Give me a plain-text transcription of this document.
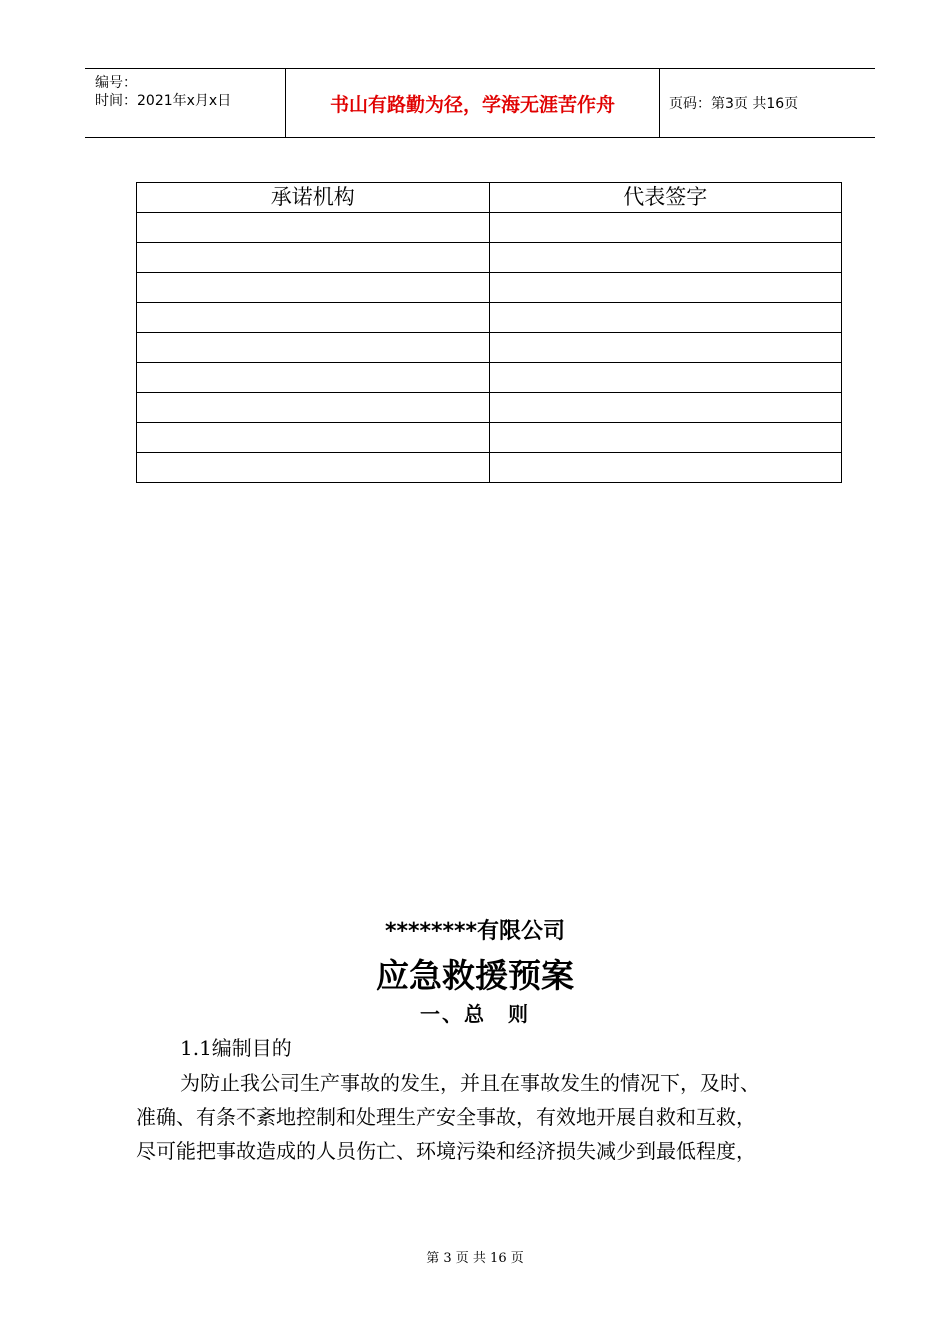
编号：
时间：2021年x月x日	书山有路勤为径，学海无涯苦作舟	页码：第3页 共16页
承诺机构	代表签字

********有限公司
应急救援预案
一、总　则
1.1编制目的
为防止我公司生产事故的发生，并且在事故发生的情况下，及时、
准确、有条不紊地控制和处理生产安全事故，有效地开展自救和互救，
尽可能把事故造成的人员伤亡、环境污染和经济损失减少到最低程度，
第 3 页 共 16 页
